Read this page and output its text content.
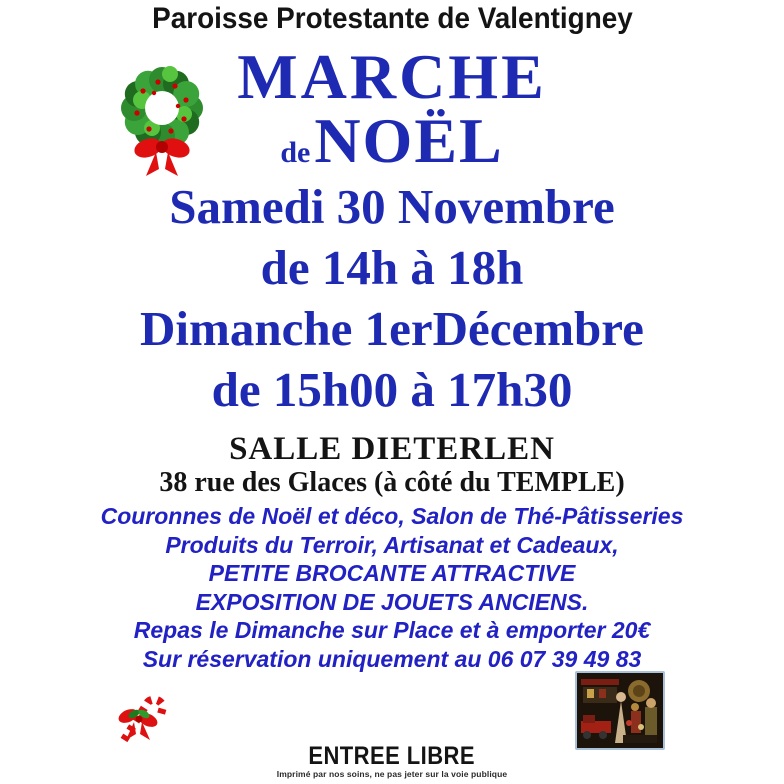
Paroisse Protestante de Valentigney
MARCHE
de NOËL
Samedi 30 Novembre
de 14h à 18h
Dimanche 1erDécembre
de 15h00 à 17h30
SALLE DIETERLEN
38 rue des Glaces (à côté du TEMPLE)
Couronnes de Noël et déco, Salon de Thé-Pâtisseries
Produits du Terroir, Artisanat et Cadeaux,
PETITE BROCANTE ATTRACTIVE
EXPOSITION DE JOUETS ANCIENS.
Repas le Dimanche sur Place et à emporter 20€
Sur réservation uniquement au 06 07 39 49 83
ENTREE LIBRE
Imprimé par nos soins, ne pas jeter sur la voie publique
